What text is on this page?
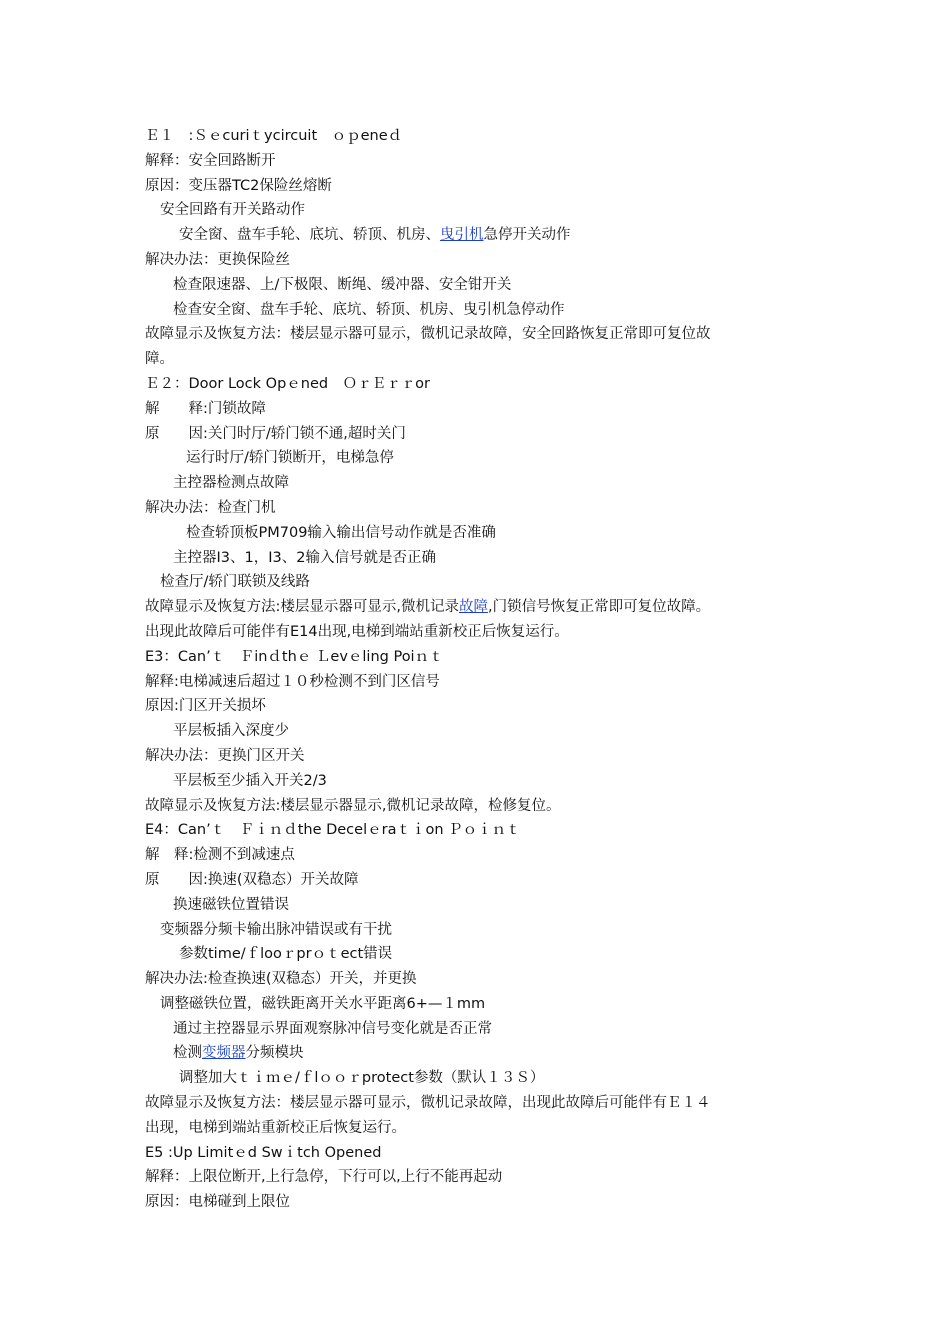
Ｅ１　:Ｓｅcuriｔycircuit　ｏｐeneｄ
解释：安全回路断开
原因：变压器TC2保险丝熔断
安全回路有开关路动作
安全窗、盘车手轮、底坑、轿顶、机房、曳引机急停开关动作
解决办法：更换保险丝
检查限速器、上/下极限、断绳、缓冲器、安全钳开关
检查安全窗、盘车手轮、底坑、轿顶、机房、曳引机急停动作
故障显示及恢复方法：楼层显示器可显示，微机记录故障，安全回路恢复正常即可复位故
障。
Ｅ２：Door Lock Opｅned　ＯｒＥｒｒor
解　　释:门锁故障
原　　因:关门时厅/轿门锁不通,超时关门
运行时厅/轿门锁断开，电梯急停
主控器检测点故障
解决办法：检查门机
检查轿顶板PM709输入输出信号动作就是否准确
主控器I3、1，I3、2输入信号就是否正确
检查厅/轿门联锁及线路
故障显示及恢复方法:楼层显示器可显示,微机记录故障,门锁信号恢复正常即可复位故障。
出现此故障后可能伴有E14出现,电梯到端站重新校正后恢复运行。
E3：Can’ｔ　Ｆinｄthｅ Ｌevｅling Poiｎｔ
解释:电梯减速后超过１０秒检测不到门区信号
原因:门区开关损坏
平层板插入深度少
解决办法：更换门区开关
平层板至少插入开关2/3
故障显示及恢复方法:楼层显示器显示,微机记录故障，检修复位。
E4：Can’ｔ　Ｆｉｎｄthe Decelｅraｔｉon Ｐｏｉｎｔ
解　释:检测不到减速点
原　　因:换速(双稳态）开关故障
换速磁铁位置错误
变频器分频卡输出脉冲错误或有干扰
参数time/ｆlooｒprｏｔect错误
解决办法:检查换速(双稳态）开关，并更换
调整磁铁位置，磁铁距离开关水平距离6+—１mm
通过主控器显示界面观察脉冲信号变化就是否正常
检测变频器分频模块
调整加大ｔｉｍｅ/ｆlｏｏｒprotect参数（默认１３Ｓ）
故障显示及恢复方法：楼层显示器可显示，微机记录故障，出现此故障后可能伴有Ｅ１４
出现，电梯到端站重新校正后恢复运行。
E5 :Up Limitｅd Swｉtch Opened
解释：上限位断开,上行急停，下行可以,上行不能再起动
原因：电梯碰到上限位
